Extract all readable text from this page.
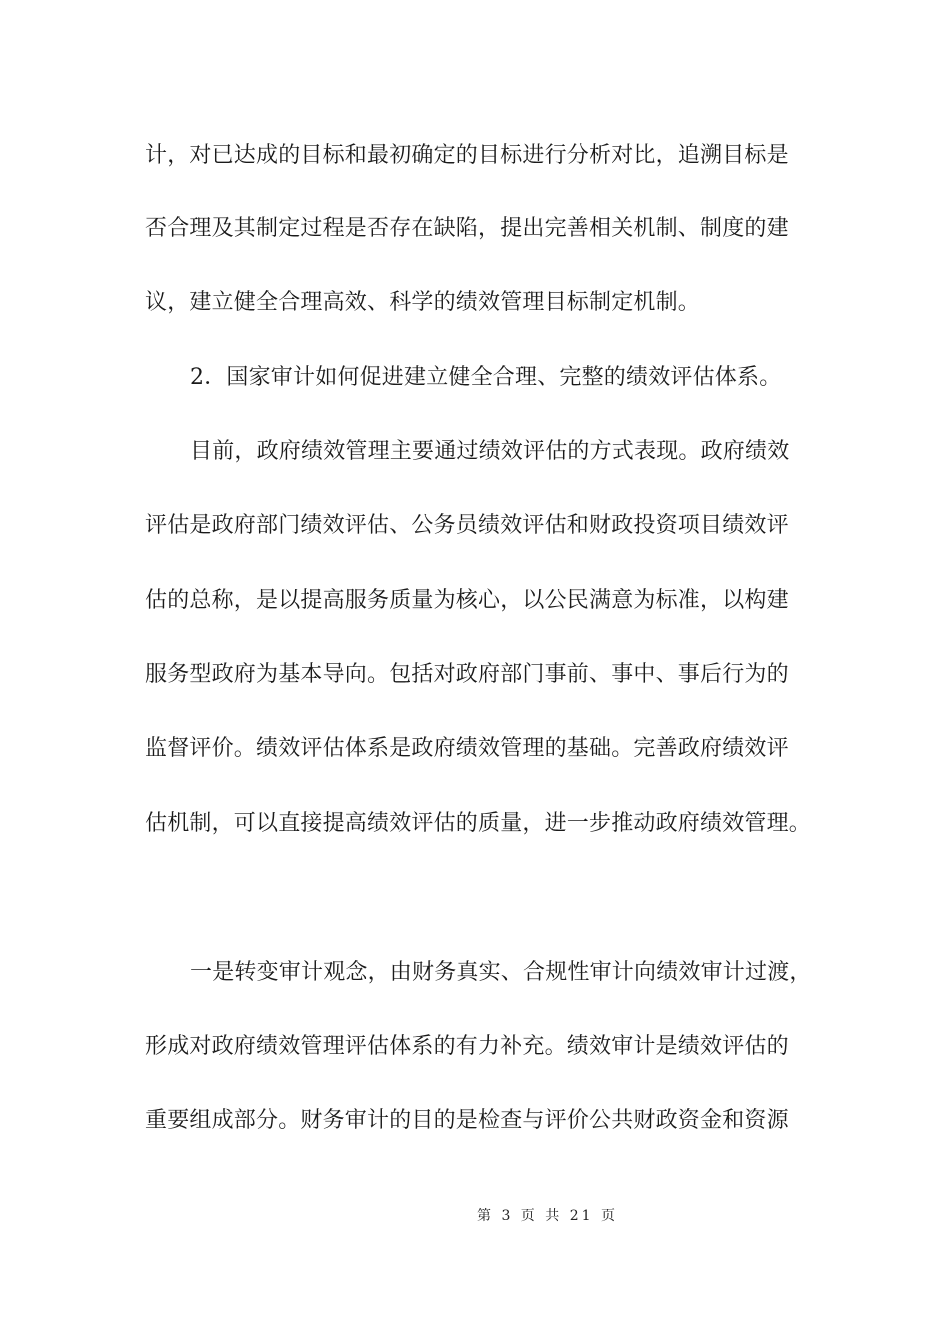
计，对已达成的目标和最初确定的目标进行分析对比，追溯目标是
否合理及其制定过程是否存在缺陷，提出完善相关机制、制度的建
议，建立健全合理高效、科学的绩效管理目标制定机制。
2．国家审计如何促进建立健全合理、完整的绩效评估体系。
目前，政府绩效管理主要通过绩效评估的方式表现。政府绩效
评估是政府部门绩效评估、公务员绩效评估和财政投资项目绩效评
估的总称，是以提高服务质量为核心，以公民满意为标准，以构建
服务型政府为基本导向。包括对政府部门事前、事中、事后行为的
监督评价。绩效评估体系是政府绩效管理的基础。完善政府绩效评
估机制，可以直接提高绩效评估的质量，进一步推动政府绩效管理。
一是转变审计观念，由财务真实、合规性审计向绩效审计过渡，
形成对政府绩效管理评估体系的有力补充。绩效审计是绩效评估的
重要组成部分。财务审计的目的是检查与评价公共财政资金和资源
第 3 页 共 21 页
